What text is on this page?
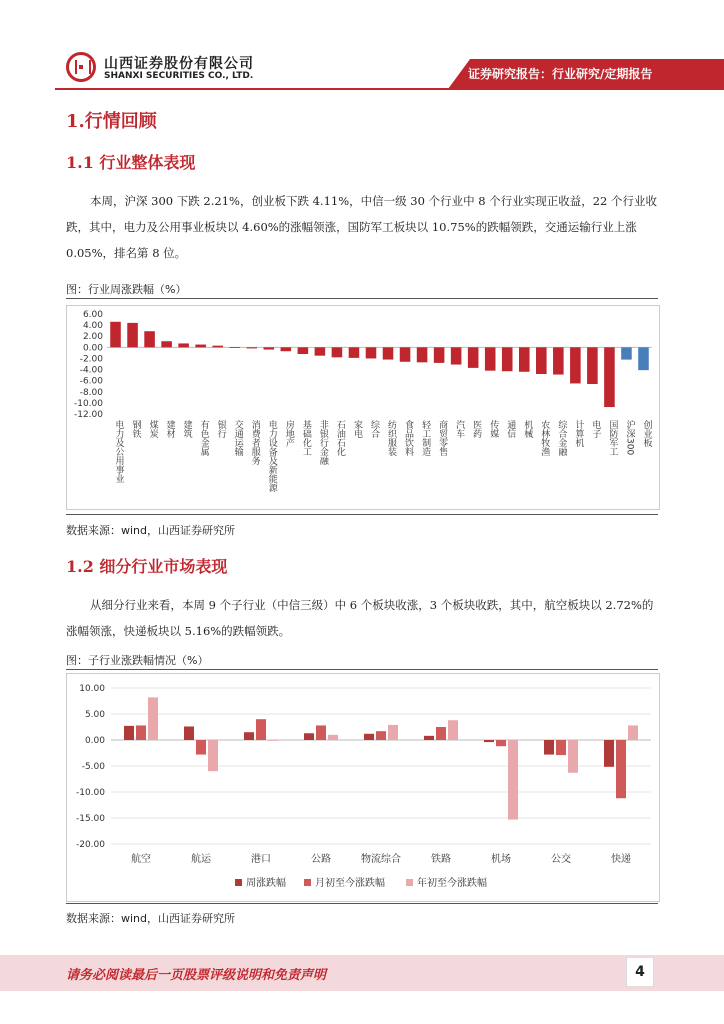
山西证券股份有限公司
SHANXI SECURITIES CO., LTD.	证券研究报告：行业研究/定期报告
1.行情回顾
1.1 行业整体表现
本周，沪深 300 下跌 2.21%，创业板下跌 4.11%，中信一级 30 个行业中 8 个行业实现正收益，22 个行业收跌，其中，电力及公用事业板块以 4.60%的涨幅领涨，国防军工板块以 10.75%的跌幅领跌，交通运输行业上涨 0.05%，排名第 8 位。
图：行业周涨跌幅（%）
6.00
4.00
2.00
0.00
-2.00
-4.00
-6.00
-8.00
-10.00
-12.00
电力及公用事业 钢铁 煤炭 建材 建筑 有色金属 银行 交通运输 消费者服务 电力设备及新能源 房地产 基础化工 非银行金融 石油石化 家电 综合 纺织服装 食品饮料 轻工制造 商贸零售 汽车 医药 传媒 通信 机械 农林牧渔 综合金融 计算机 电子 国防军工 沪深300 创业板
数据来源：wind，山西证券研究所
1.2 细分行业市场表现
从细分行业来看，本周 9 个子行业（中信三级）中 6 个板块收涨，3 个板块收跌，其中，航空板块以 2.72%的涨幅领涨，快递板块以 5.16%的跌幅领跌。
图：子行业涨跌幅情况（%）
10.00
5.00
0.00
-5.00
-10.00
-15.00
-20.00
航空	航运	港口	公路	物流综合	铁路	机场	公交	快递
周涨跌幅	月初至今涨跌幅	年初至今涨跌幅
数据来源：wind，山西证券研究所
请务必阅读最后一页股票评级说明和免责声明	4
